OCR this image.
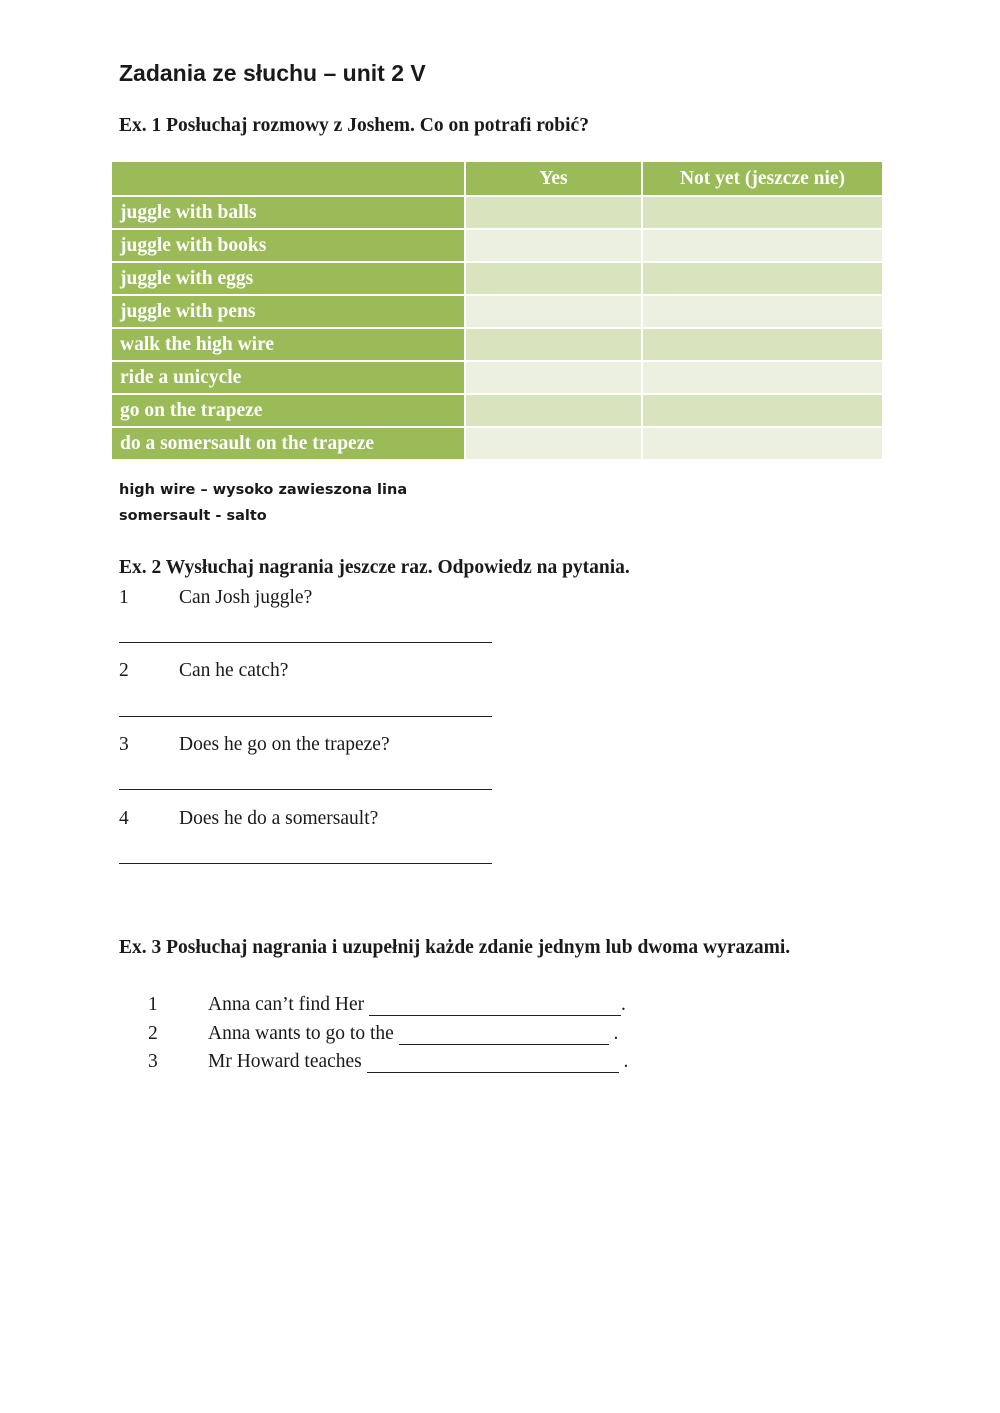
Zadania ze słuchu – unit 2 V
Ex. 1 Posłuchaj rozmowy z Joshem. Co on potrafi robić?
	Yes	Not yet (jeszcze nie)
juggle with balls		
juggle with books		
juggle with eggs		
juggle with pens		
walk the high wire		
ride a unicycle		
go on the trapeze		
do a somersault on the trapeze		
high wire – wysoko zawieszona lina
somersault - salto
Ex. 2 Wysłuchaj nagrania jeszcze raz. Odpowiedz na pytania.
1	Can Josh juggle?
2	Can he catch?
3	Does he go on the trapeze?
4	Does he do a somersault?
Ex. 3 Posłuchaj nagrania i uzupełnij każde zdanie jednym lub dwoma wyrazami.
1	Anna can’t find Her	.
2	Anna wants to go to the	.
3	Mr Howard teaches	.
